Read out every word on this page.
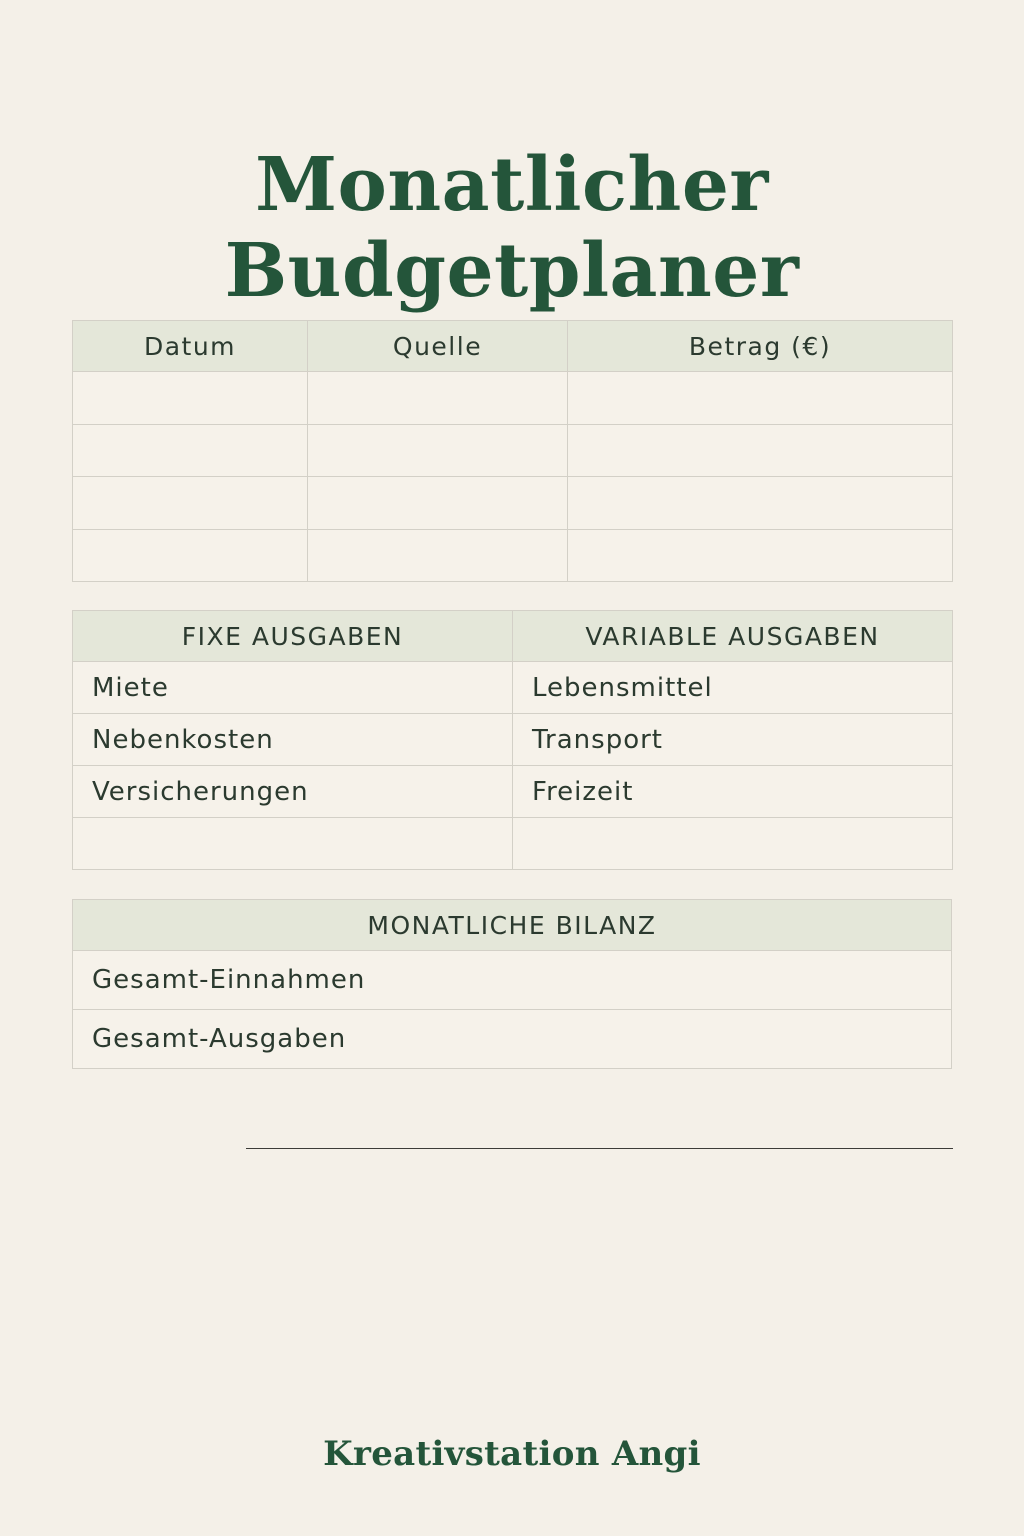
Monatlicher
Budgetplaner
Datum	Quelle	Betrag (€)

FIXE AUSGABEN	VARIABLE AUSGABEN
Miete	Lebensmittel
Nebenkosten	Transport
Versicherungen	Freizeit

MONATLICHE BILANZ
Gesamt-Einnahmen
Gesamt-Ausgaben
Kreativstation Angi
